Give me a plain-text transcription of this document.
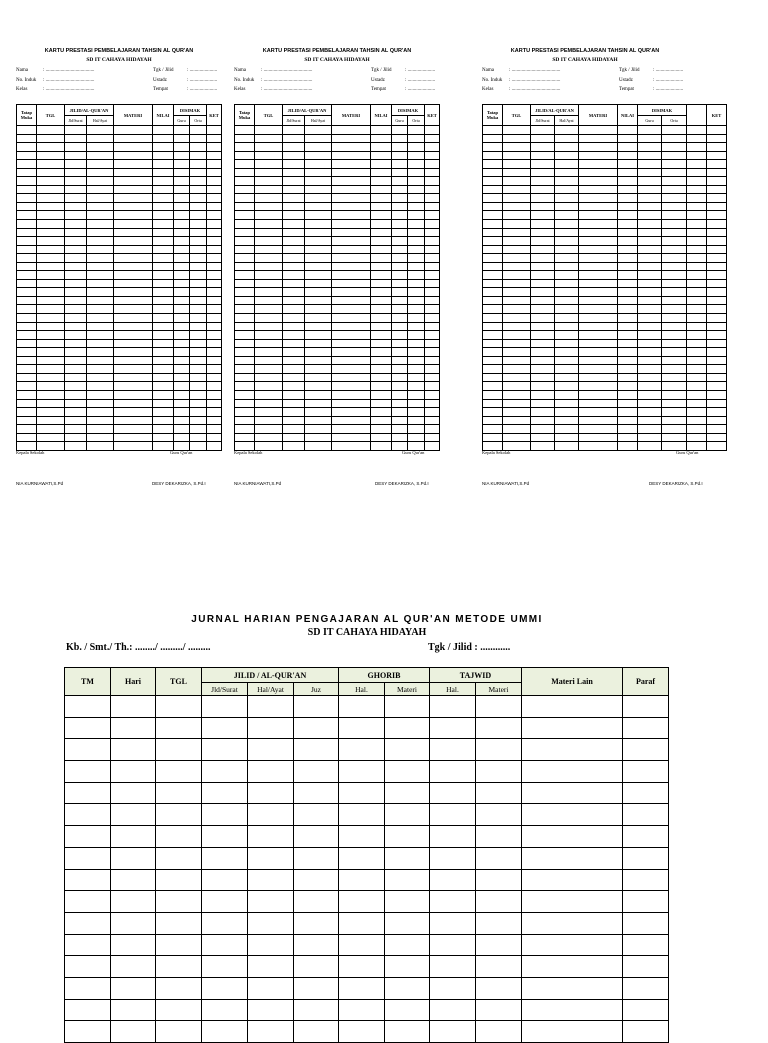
KARTU PRESTASI PEMBELAJARAN TAHSIN AL QUR'AN
SD IT CAHAYA HIDAYAH
Nama	: .......................................
No. Induk	: .......................................
Kelas	: .......................................
Tgk / Jilid	: ......................
Ustadz	: ......................
Tempat	: ......................
Tatap Muka	TGL	JILID/AL-QUR'AN		MATERI	NILAI	DISIMAK		KET
		Jld/Surat	Hal/Ayat			Guru	Ortu	

Kepala Sekolah	Guru Qur'an
NIA KURNIAWATI,S.Pd	DESY DEKARIZKA, S.Pd.I
KARTU PRESTASI PEMBELAJARAN TAHSIN AL QUR'AN
SD IT CAHAYA HIDAYAH
Nama	: .......................................
No. Induk	: .......................................
Kelas	: .......................................
Tgk / Jilid	: ......................
Ustadz	: ......................
Tempat	: ......................
Tatap Muka	TGL	JILID/AL-QUR'AN		MATERI	NILAI	DISIMAK		KET
		Jld/Surat	Hal/Ayat			Guru	Ortu	

Kepala Sekolah	Guru Qur'an
NIA KURNIAWATI,S.Pd	DESY DEKARIZKA, S.Pd.I
KARTU PRESTASI PEMBELAJARAN TAHSIN AL QUR'AN
SD IT CAHAYA HIDAYAH
Nama	: .......................................
No. Induk	: .......................................
Kelas	: .......................................
Tgk / Jilid	: ......................
Ustadz	: ......................
Tempat	: ......................
Tatap Muka	TGL	JILID/AL-QUR'AN		MATERI	NILAI	DISIMAK			KET
		Jld/Surat	Hal/Ayat			Guru	Ortu		

Kepala Sekolah	Guru Qur'an
NIA KURNIAWATI,S.Pd	DESY DEKARIZKA, S.Pd.I
JURNAL HARIAN PENGAJARAN AL QUR'AN METODE UMMI
SD IT CAHAYA HIDAYAH
Kb. / Smt./ Th.: ......../ ........./ .........	Tgk / Jilid : ............
TM	Hari	TGL	JILID / AL-QUR'AN			GHORIB		TAJWID		Materi Lain	Paraf
			Jld/Surat	Hal/Ayat	Juz	Hal.	Materi	Hal.	Materi		
